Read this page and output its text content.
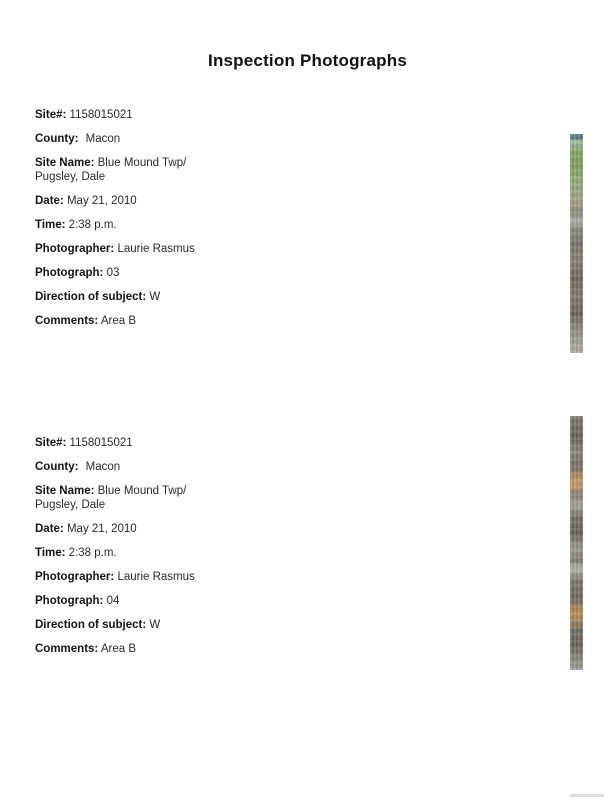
Inspection Photographs

Site#: 1158015021

County: Macon

Site Name: Blue Mound Twp/
Pugsley, Dale

Date: May 21, 2010

Time: 2:38 p.m.

Photographer: Laurie Rasmus

Photograph: 03

Direction of subject: W

Comments: Area B

Site#: 1158015021

County: Macon

Site Name: Blue Mound Twp/
Pugsley, Dale

Date: May 21, 2010

Time: 2:38 p.m.

Photographer: Laurie Rasmus

Photograph: 04

Direction of subject: W

Comments: Area B
